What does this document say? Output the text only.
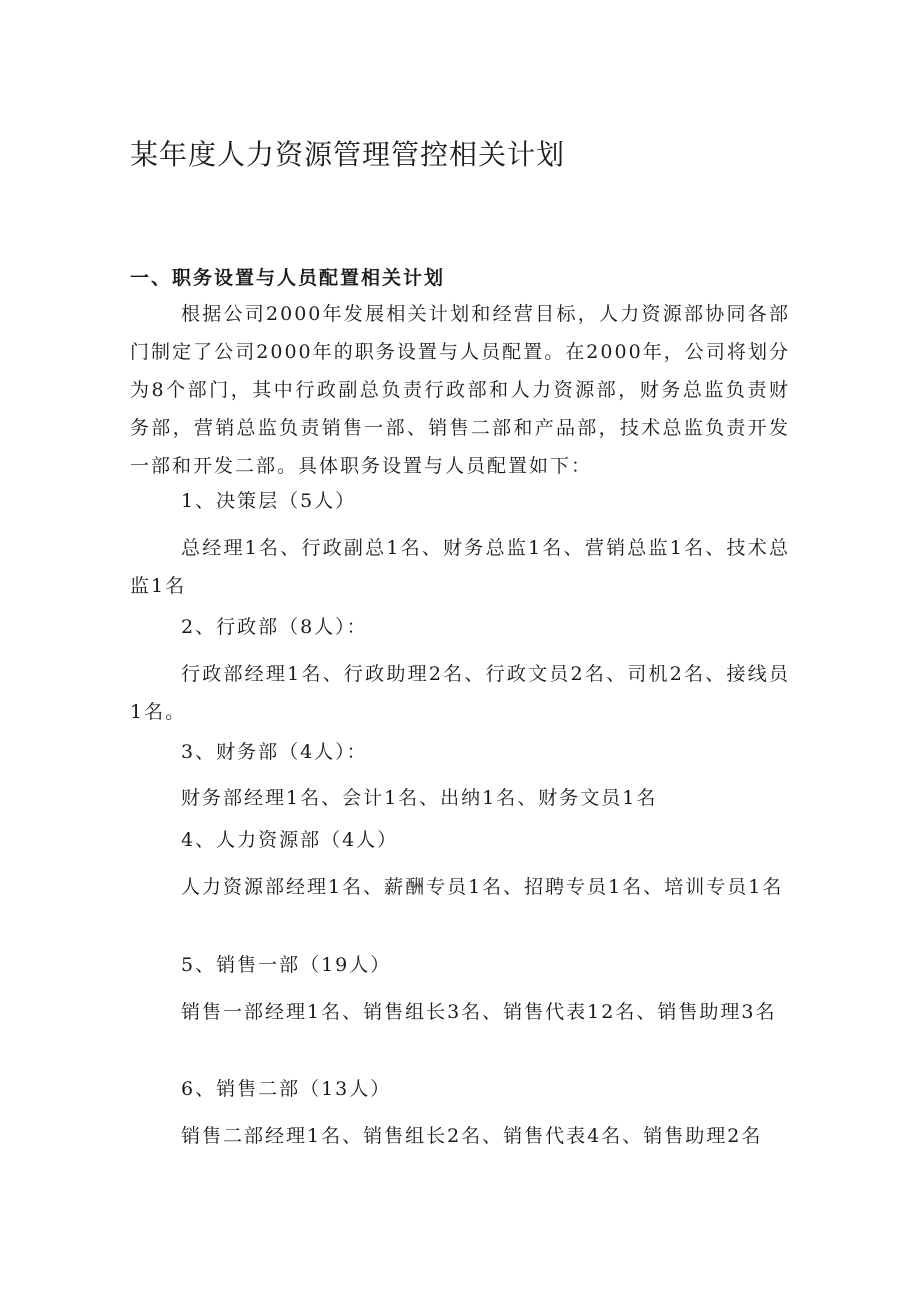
某年度人力资源管理管控相关计划
一、职务设置与人员配置相关计划

根据公司2000年发展相关计划和经营目标，人力资源部协同各部门制定了公司2000年的职务设置与人员配置。在2000年，公司将划分为8个部门，其中行政副总负责行政部和人力资源部，财务总监负责财务部，营销总监负责销售一部、销售二部和产品部，技术总监负责开发一部和开发二部。具体职务设置与人员配置如下：

1、决策层（5人）

总经理1名、行政副总1名、财务总监1名、营销总监1名、技术总监1名

2、行政部（8人）：

行政部经理1名、行政助理2名、行政文员2名、司机2名、接线员1名。

3、财务部（4人）：

财务部经理1名、会计1名、出纳1名、财务文员1名

4、人力资源部（4人）

人力资源部经理1名、薪酬专员1名、招聘专员1名、培训专员1名

5、销售一部（19人）

销售一部经理1名、销售组长3名、销售代表12名、销售助理3名

6、销售二部（13人）

销售二部经理1名、销售组长2名、销售代表4名、销售助理2名
